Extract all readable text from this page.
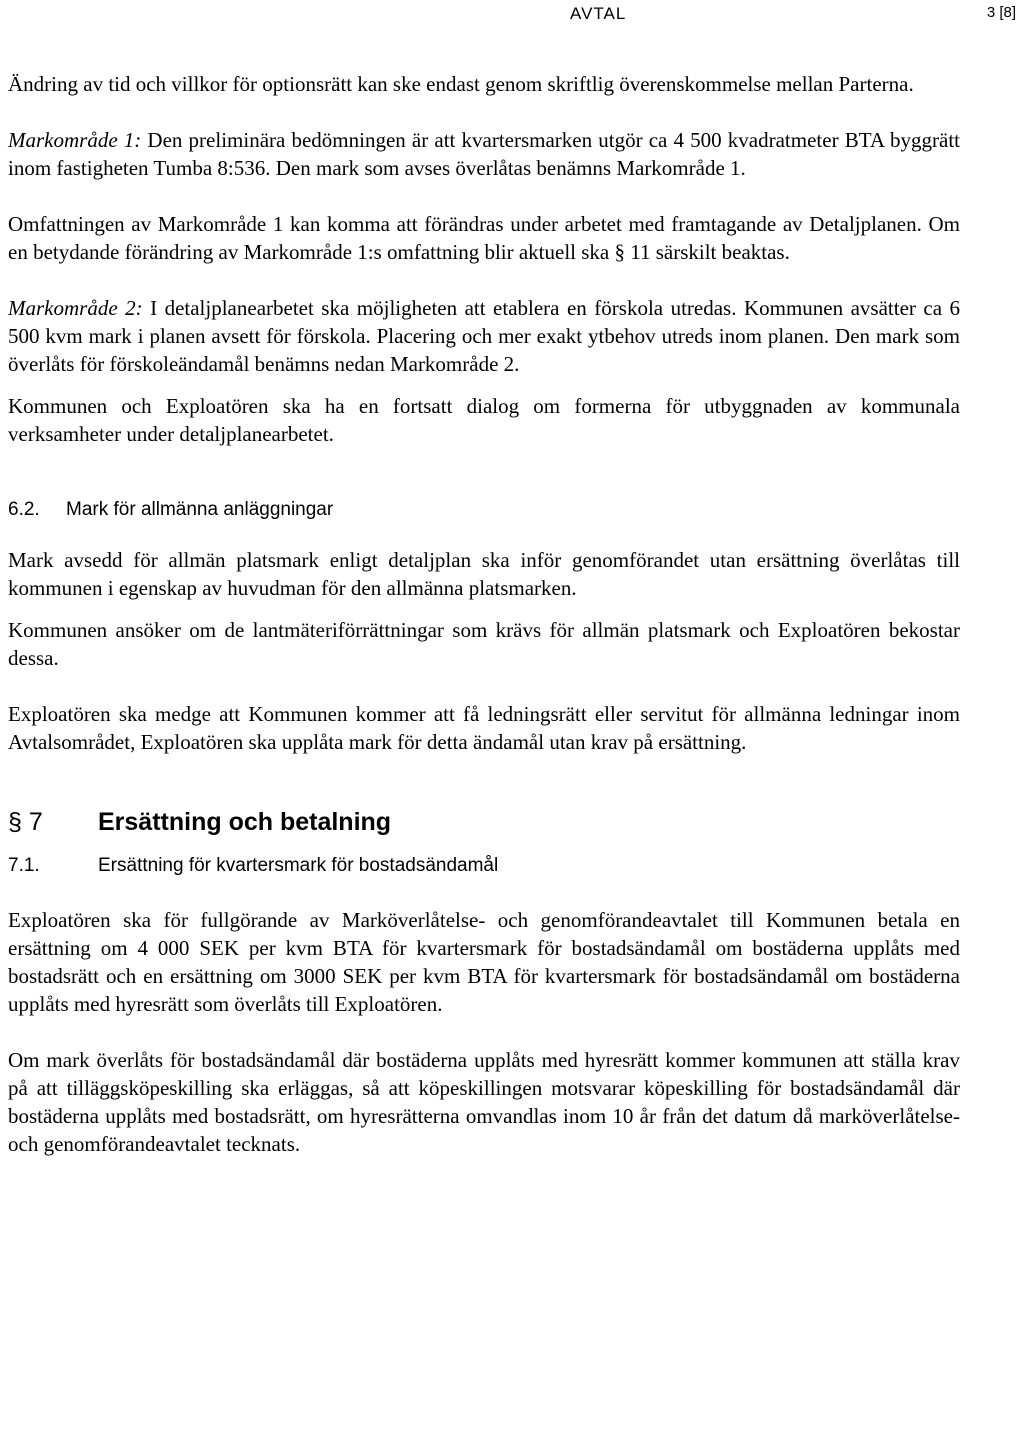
AVTAL	3 [8]

Ändring av tid och villkor för optionsrätt kan ske endast genom skriftlig överenskommelse mellan Parterna.

Markområde 1: Den preliminära bedömningen är att kvartersmarken utgör ca 4 500 kvadratmeter BTA byggrätt inom fastigheten Tumba 8:536. Den mark som avses överlåtas benämns Markområde 1.

Omfattningen av Markområde 1 kan komma att förändras under arbetet med framtagande av Detaljplanen. Om en betydande förändring av Markområde 1:s omfattning blir aktuell ska § 11 särskilt beaktas.

Markområde 2: I detaljplanearbetet ska möjligheten att etablera en förskola utredas. Kommunen avsätter ca 6 500 kvm mark i planen avsett för förskola. Placering och mer exakt ytbehov utreds inom planen. Den mark som överlåts för förskoleändamål benämns nedan Markområde 2.

Kommunen och Exploatören ska ha en fortsatt dialog om formerna för utbyggnaden av kommunala verksamheter under detaljplanearbetet.

6.2.	Mark för allmänna anläggningar

Mark avsedd för allmän platsmark enligt detaljplan ska inför genomförandet utan ersättning överlåtas till kommunen i egenskap av huvudman för den allmänna platsmarken.

Kommunen ansöker om de lantmäteriförrättningar som krävs för allmän platsmark och Exploatören bekostar dessa.

Exploatören ska medge att Kommunen kommer att få ledningsrätt eller servitut för allmänna ledningar inom Avtalsområdet, Exploatören ska upplåta mark för detta ändamål utan krav på ersättning.

§ 7	Ersättning och betalning
7.1.	Ersättning för kvartersmark för bostadsändamål

Exploatören ska för fullgörande av Marköverlåtelse- och genomförandeavtalet till Kommunen betala en ersättning om 4 000 SEK per kvm BTA för kvartersmark för bostadsändamål om bostäderna upplåts med bostadsrätt och en ersättning om 3000 SEK per kvm BTA för kvartersmark för bostadsändamål om bostäderna upplåts med hyresrätt som överlåts till Exploatören.

Om mark överlåts för bostadsändamål där bostäderna upplåts med hyresrätt kommer kommunen att ställa krav på att tilläggsköpeskilling ska erläggas, så att köpeskillingen motsvarar köpeskilling för bostadsändamål där bostäderna upplåts med bostadsrätt, om hyresrätterna omvandlas inom 10 år från det datum då marköverlåtelse- och genomförandeavtalet tecknats.
